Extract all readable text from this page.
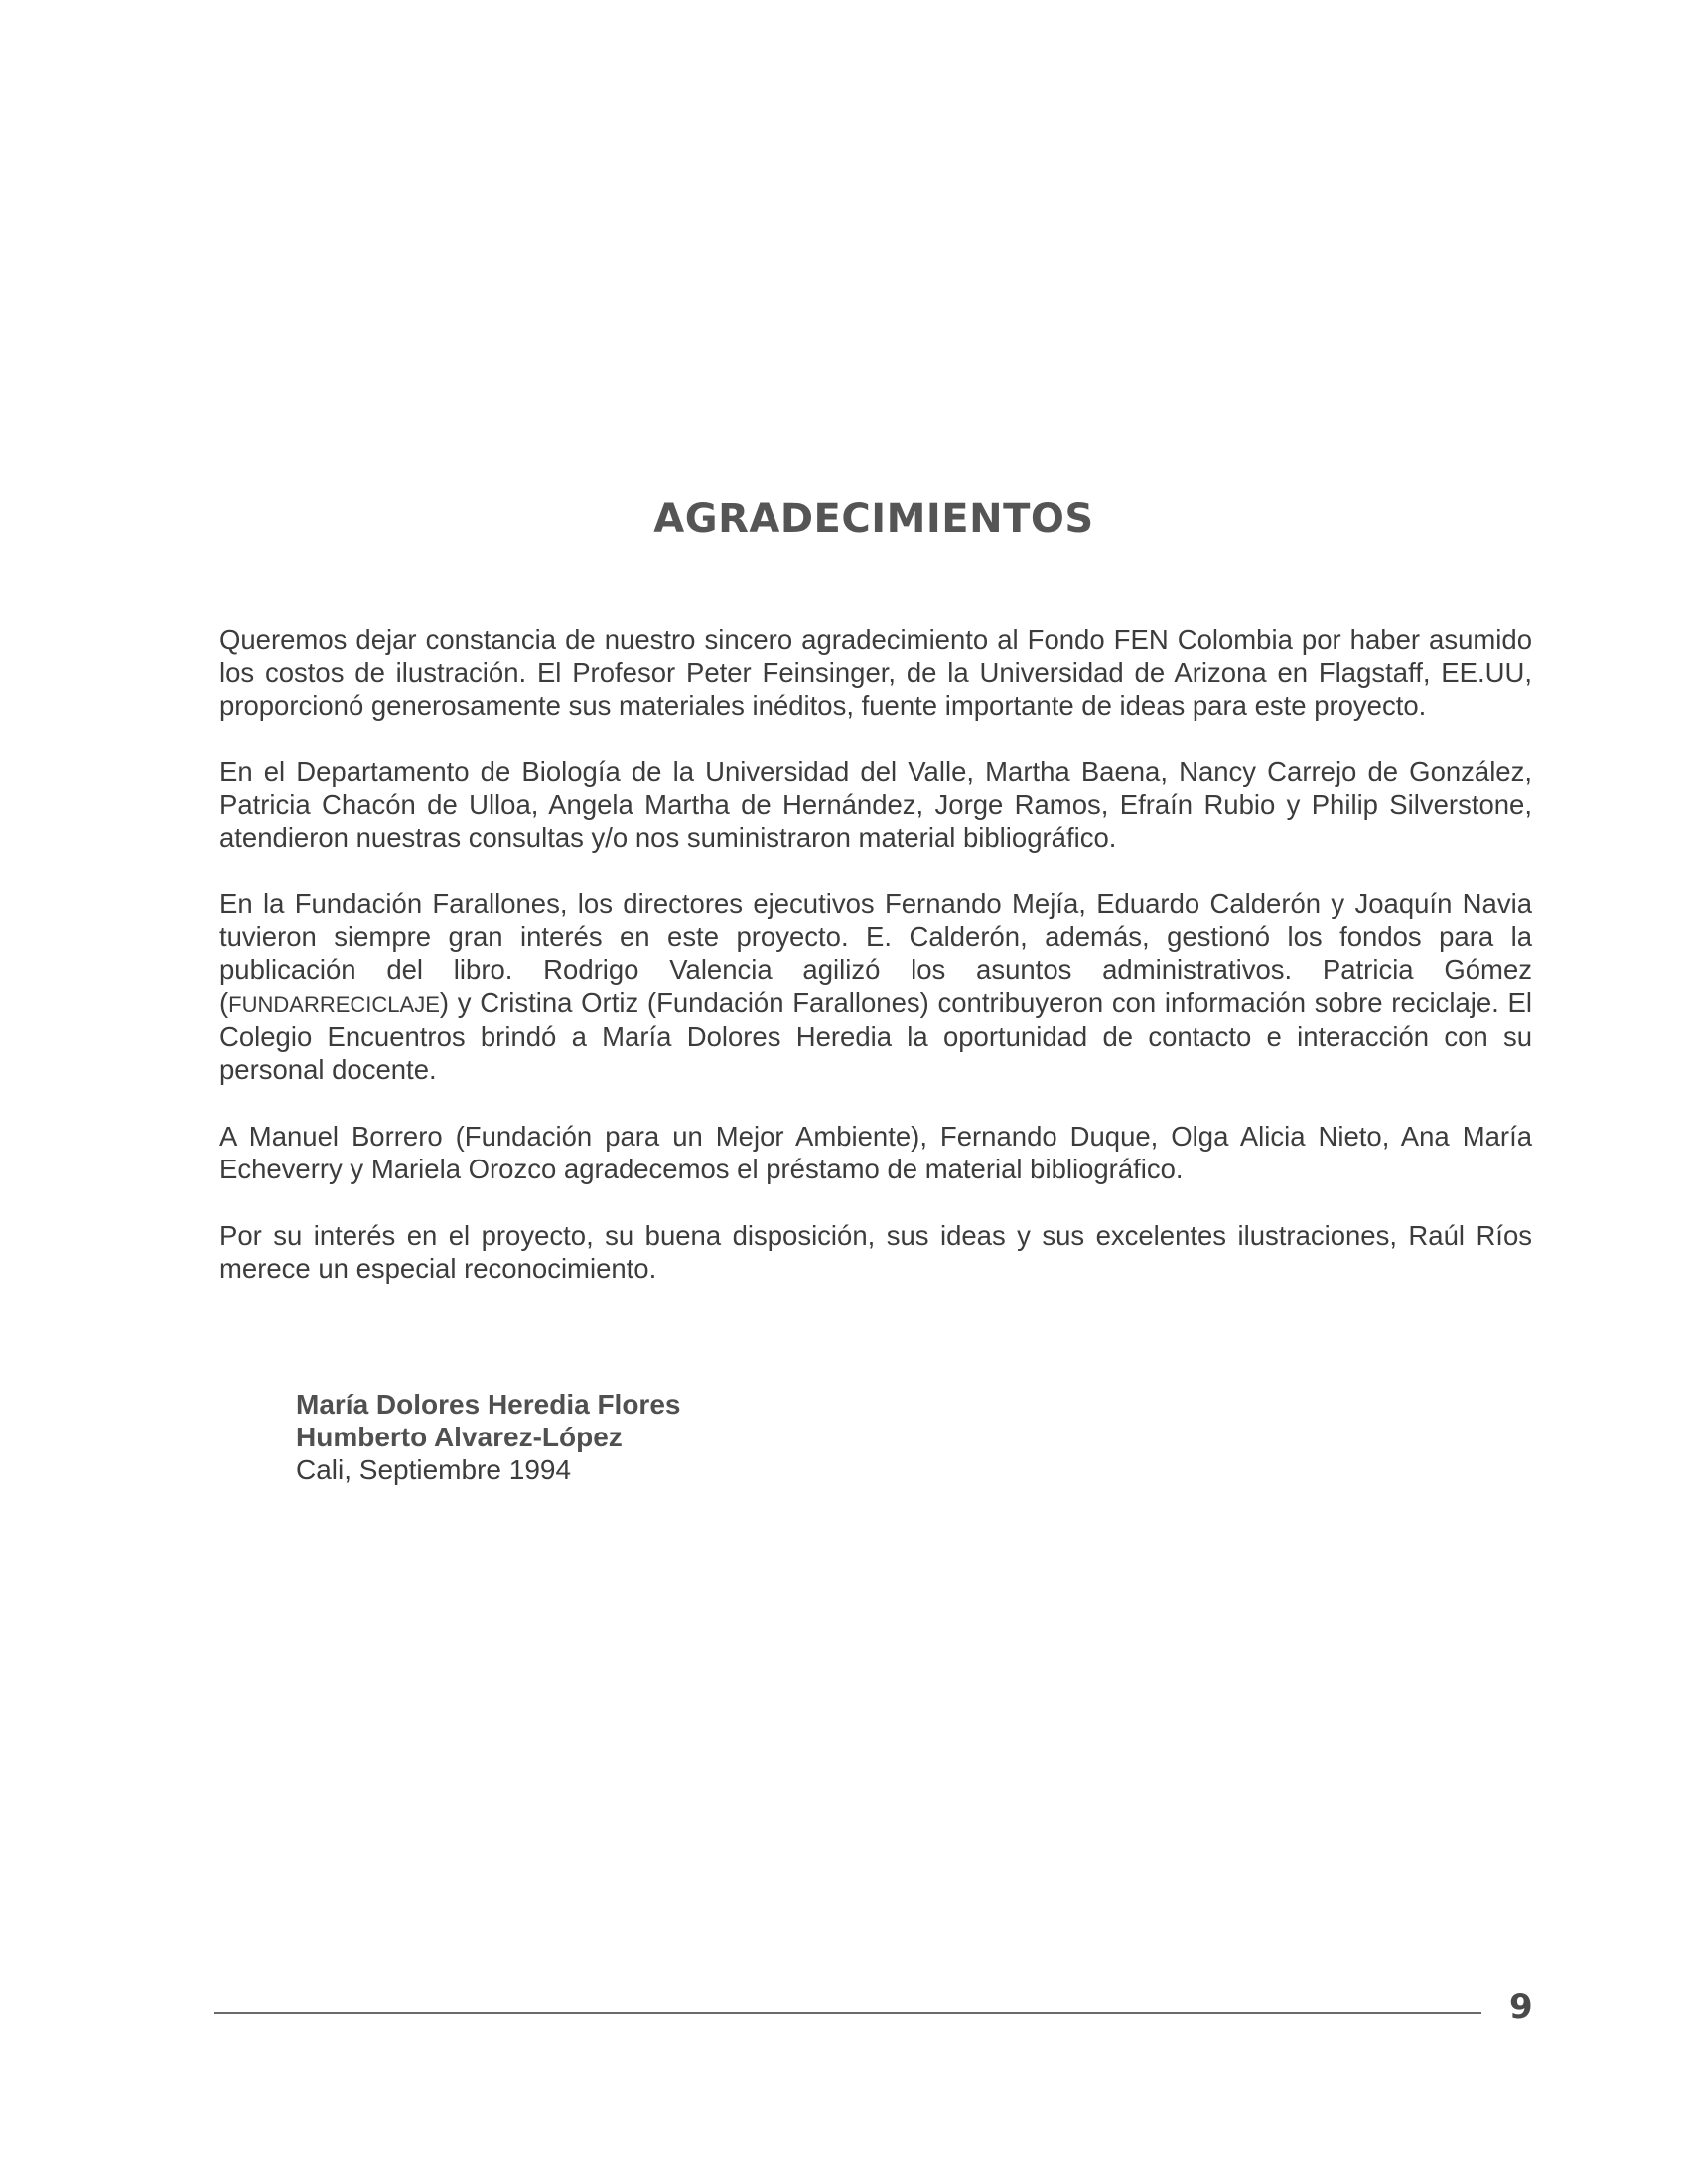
AGRADECIMIENTOS

Queremos dejar constancia de nuestro sincero agradecimiento al Fondo FEN Colombia por haber asumido los costos de ilustración. El Profesor Peter Feinsinger, de la Universidad de Arizona en Flagstaff, EE.UU, proporcionó generosamente sus materiales inéditos, fuente importante de ideas para este proyecto.

En el Departamento de Biología de la Universidad del Valle, Martha Baena, Nancy Carrejo de González, Patricia Chacón de Ulloa, Angela Martha de Hernández, Jorge Ramos, Efraín Rubio y Philip Silverstone, atendieron nuestras consultas y/o nos suministraron material bibliográfico.

En la Fundación Farallones, los directores ejecutivos Fernando Mejía, Eduardo Calderón y Joaquín Navia tuvieron siempre gran interés en este proyecto. E. Calderón, además, gestionó los fondos para la publicación del libro. Rodrigo Valencia agilizó los asuntos administrativos. Patricia Gómez (FUNDARRECICLAJE) y Cristina Ortiz (Fundación Farallones) contribuyeron con información sobre reciclaje. El Colegio Encuentros brindó a María Dolores Heredia la oportunidad de contacto e interacción con su personal docente.

A Manuel Borrero (Fundación para un Mejor Ambiente), Fernando Duque, Olga Alicia Nieto, Ana María Echeverry y Mariela Orozco agradecemos el préstamo de material bibliográfico.

Por su interés en el proyecto, su buena disposición, sus ideas y sus excelentes ilustraciones, Raúl Ríos merece un especial reconocimiento.

María Dolores Heredia Flores
Humberto Alvarez-López
Cali, Septiembre 1994
9
